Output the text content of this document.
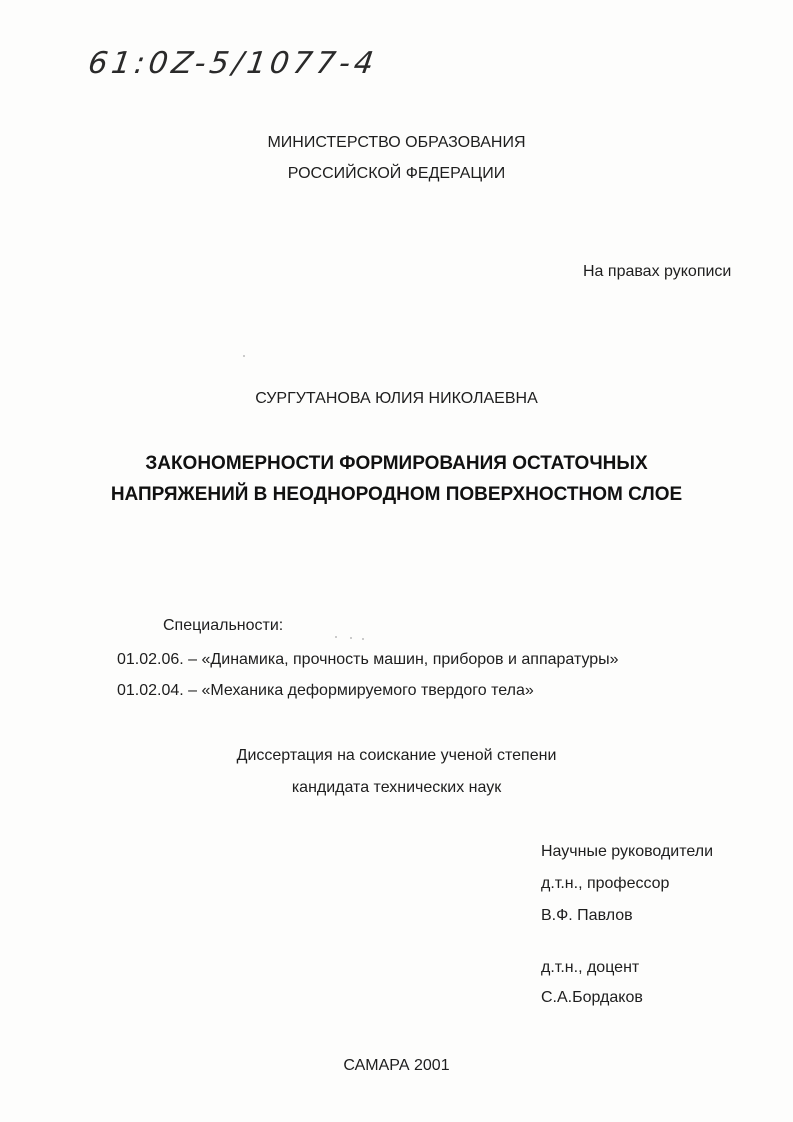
61:0Z-5/1077-4
МИНИСТЕРСТВО ОБРАЗОВАНИЯ
РОССИЙСКОЙ ФЕДЕРАЦИИ
На правах рукописи
СУРГУТАНОВА ЮЛИЯ НИКОЛАЕВНА
ЗАКОНОМЕРНОСТИ ФОРМИРОВАНИЯ ОСТАТОЧНЫХ
НАПРЯЖЕНИЙ В НЕОДНОРОДНОМ ПОВЕРХНОСТНОМ СЛОЕ
Специальности:
01.02.06. – «Динамика, прочность машин, приборов и аппаратуры»
01.02.04. – «Механика деформируемого твердого тела»
Диссертация на соискание ученой степени
кандидата технических наук
Научные руководители
д.т.н., профессор
В.Ф. Павлов
д.т.н., доцент
С.А.Бордаков
САМАРА 2001
